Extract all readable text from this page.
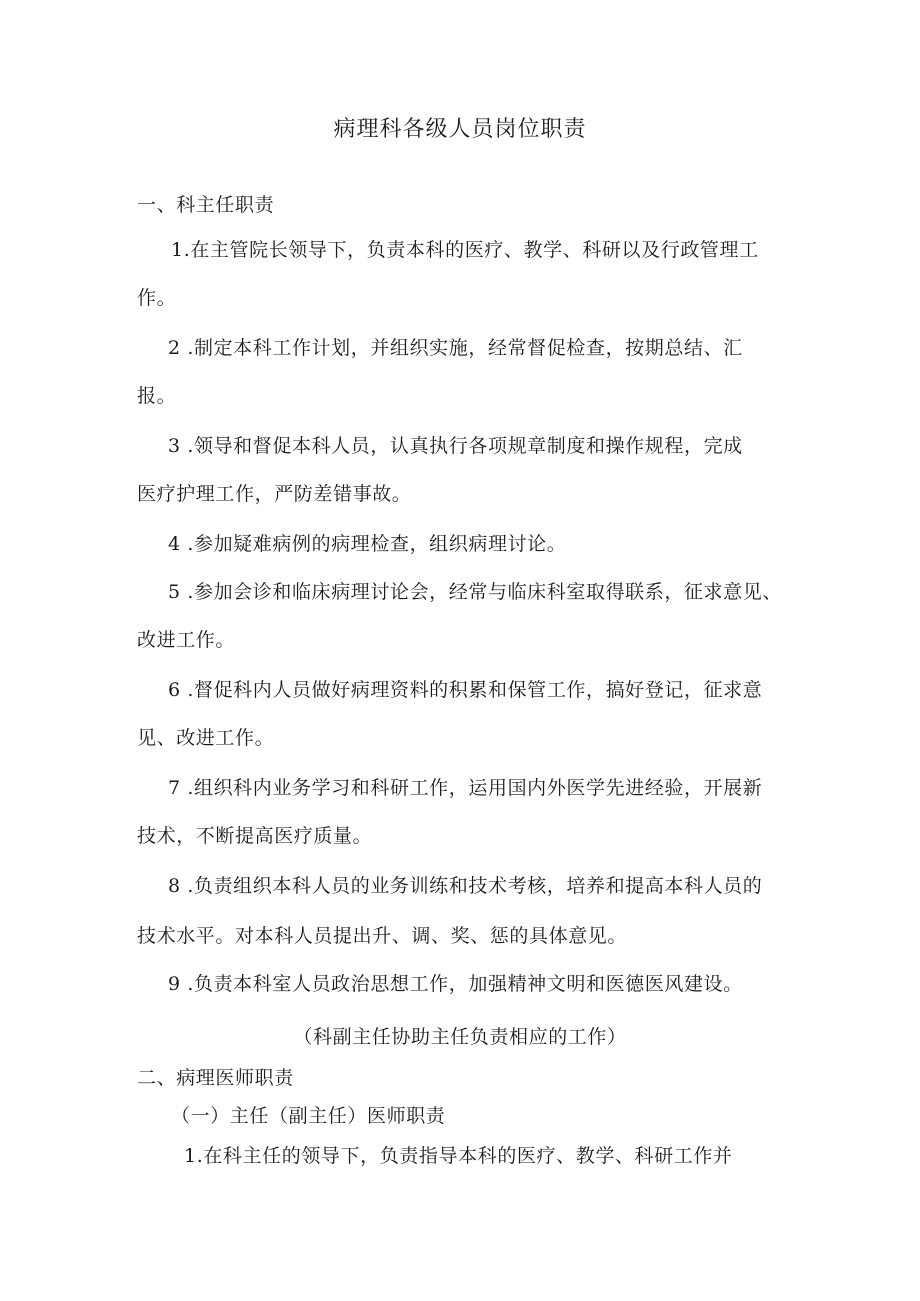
病理科各级人员岗位职责
一、科主任职责
1.在主管院长领导下，负责本科的医疗、教学、科研以及行政管理工
作。
2 .制定本科工作计划，并组织实施，经常督促检查，按期总结、汇
报。
3 .领导和督促本科人员，认真执行各项规章制度和操作规程，完成
医疗护理工作，严防差错事故。
4 .参加疑难病例的病理检查，组织病理讨论。
5 .参加会诊和临床病理讨论会，经常与临床科室取得联系，征求意见、
改进工作。
6 .督促科内人员做好病理资料的积累和保管工作，搞好登记，征求意
见、改进工作。
7 .组织科内业务学习和科研工作，运用国内外医学先进经验，开展新
技术，不断提高医疗质量。
8 .负责组织本科人员的业务训练和技术考核，培养和提高本科人员的
技术水平。对本科人员提出升、调、奖、惩的具体意见。
9 .负责本科室人员政治思想工作，加强精神文明和医德医风建设。
（科副主任协助主任负责相应的工作）
二、病理医师职责
（一）主任（副主任）医师职责
1.在科主任的领导下，负责指导本科的医疗、教学、科研工作并
